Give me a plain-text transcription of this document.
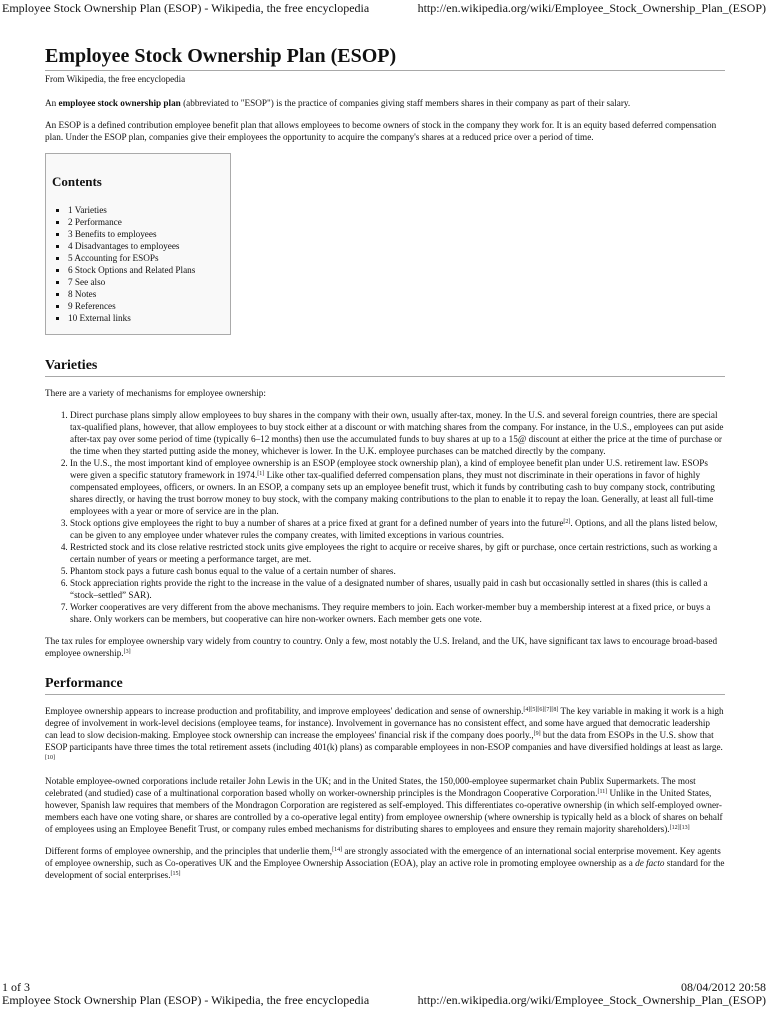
Employee Stock Ownership Plan (ESOP) - Wikipedia, the free encyclopedia	http://en.wikipedia.org/wiki/Employee_Stock_Ownership_Plan_(ESOP)
Employee Stock Ownership Plan (ESOP)
From Wikipedia, the free encyclopedia

An employee stock ownership plan (abbreviated to "ESOP") is the practice of companies giving staff members shares in their company as part of their salary.

An ESOP is a defined contribution employee benefit plan that allows employees to become owners of stock in the company they work for. It is an equity based deferred compensation plan. Under the ESOP plan, companies give their employees the opportunity to acquire the company's shares at a reduced price over a period of time.

Contents
▪ 1 Varieties
▪ 2 Performance
▪ 3 Benefits to employees
▪ 4 Disadvantages to employees
▪ 5 Accounting for ESOPs
▪ 6 Stock Options and Related Plans
▪ 7 See also
▪ 8 Notes
▪ 9 References
▪ 10 External links
Varieties

There are a variety of mechanisms for employee ownership:

1. Direct purchase plans simply allow employees to buy shares in the company with their own, usually after-tax, money. In the U.S. and several foreign countries, there are special tax-qualified plans, however, that allow employees to buy stock either at a discount or with matching shares from the company. For instance, in the U.S., employees can put aside after-tax pay over some period of time (typically 6–12 months) then use the accumulated funds to buy shares at up to a 15@ discount at either the price at the time of purchase or the time when they started putting aside the money, whichever is lower. In the U.K. employee purchases can be matched directly by the company.
2. In the U.S., the most important kind of employee ownership is an ESOP (employee stock ownership plan), a kind of employee benefit plan under U.S. retirement law. ESOPs were given a specific statutory framework in 1974.[1] Like other tax-qualified deferred compensation plans, they must not discriminate in their operations in favor of highly compensated employees, officers, or owners. In an ESOP, a company sets up an employee benefit trust, which it funds by contributing cash to buy company stock, contributing shares directly, or having the trust borrow money to buy stock, with the company making contributions to the plan to enable it to repay the loan. Generally, at least all full-time employees with a year or more of service are in the plan.
3. Stock options give employees the right to buy a number of shares at a price fixed at grant for a defined number of years into the future[2]. Options, and all the plans listed below, can be given to any employee under whatever rules the company creates, with limited exceptions in various countries.
4. Restricted stock and its close relative restricted stock units give employees the right to acquire or receive shares, by gift or purchase, once certain restrictions, such as working a certain number of years or meeting a performance target, are met.
5. Phantom stock pays a future cash bonus equal to the value of a certain number of shares.
6. Stock appreciation rights provide the right to the increase in the value of a designated number of shares, usually paid in cash but occasionally settled in shares (this is called a “stock–settled” SAR).
7. Worker cooperatives are very different from the above mechanisms. They require members to join. Each worker-member buy a membership interest at a fixed price, or buys a share. Only workers can be members, but cooperative can hire non-worker owners. Each member gets one vote.

The tax rules for employee ownership vary widely from country to country. Only a few, most notably the U.S. Ireland, and the UK, have significant tax laws to encourage broad-based employee ownership.[3]

Performance

Employee ownership appears to increase production and profitability, and improve employees' dedication and sense of ownership.[4][5][6][7][8] The key variable in making it work is a high degree of involvement in work-level decisions (employee teams, for instance). Involvement in governance has no consistent effect, and some have argued that democratic leadership can lead to slow decision-making. Employee stock ownership can increase the employees' financial risk if the company does poorly.,[9] but the data from ESOPs in the U.S. show that ESOP participants have three times the total retirement assets (including 401(k) plans) as comparable employees in non-ESOP companies and have diversified holdings at least as large.[10]

Notable employee-owned corporations include retailer John Lewis in the UK; and in the United States, the 150,000-employee supermarket chain Publix Supermarkets. The most celebrated (and studied) case of a multinational corporation based wholly on worker-ownership principles is the Mondragon Cooperative Corporation.[11] Unlike in the United States, however, Spanish law requires that members of the Mondragon Corporation are registered as self-employed. This differentiates co-operative ownership (in which self-employed owner-members each have one voting share, or shares are controlled by a co-operative legal entity) from employee ownership (where ownership is typically held as a block of shares on behalf of employees using an Employee Benefit Trust, or company rules embed mechanisms for distributing shares to employees and ensure they remain majority shareholders).[12][13]

Different forms of employee ownership, and the principles that underlie them,[14] are strongly associated with the emergence of an international social enterprise movement. Key agents of employee ownership, such as Co-operatives UK and the Employee Ownership Association (EOA), play an active role in promoting employee ownership as a de facto standard for the development of social enterprises.[15]

1 of 3	08/04/2012 20:58
Employee Stock Ownership Plan (ESOP) - Wikipedia, the free encyclopedia	http://en.wikipedia.org/wiki/Employee_Stock_Ownership_Plan_(ESOP)
